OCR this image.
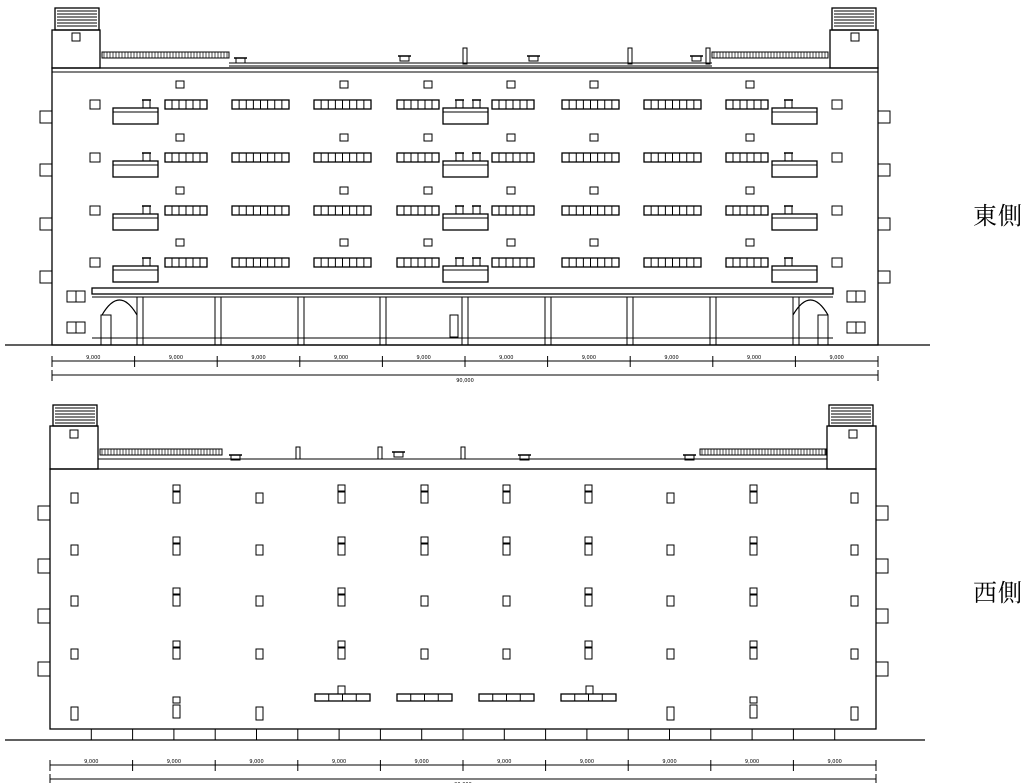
9,000	9,000	9,000	9,000	9,000	9,000	9,000	9,000	9,000	9,000
90,000
9,000	9,000	9,000	9,000	9,000	9,000	9,000	9,000	9,000	9,000
東側
西側
